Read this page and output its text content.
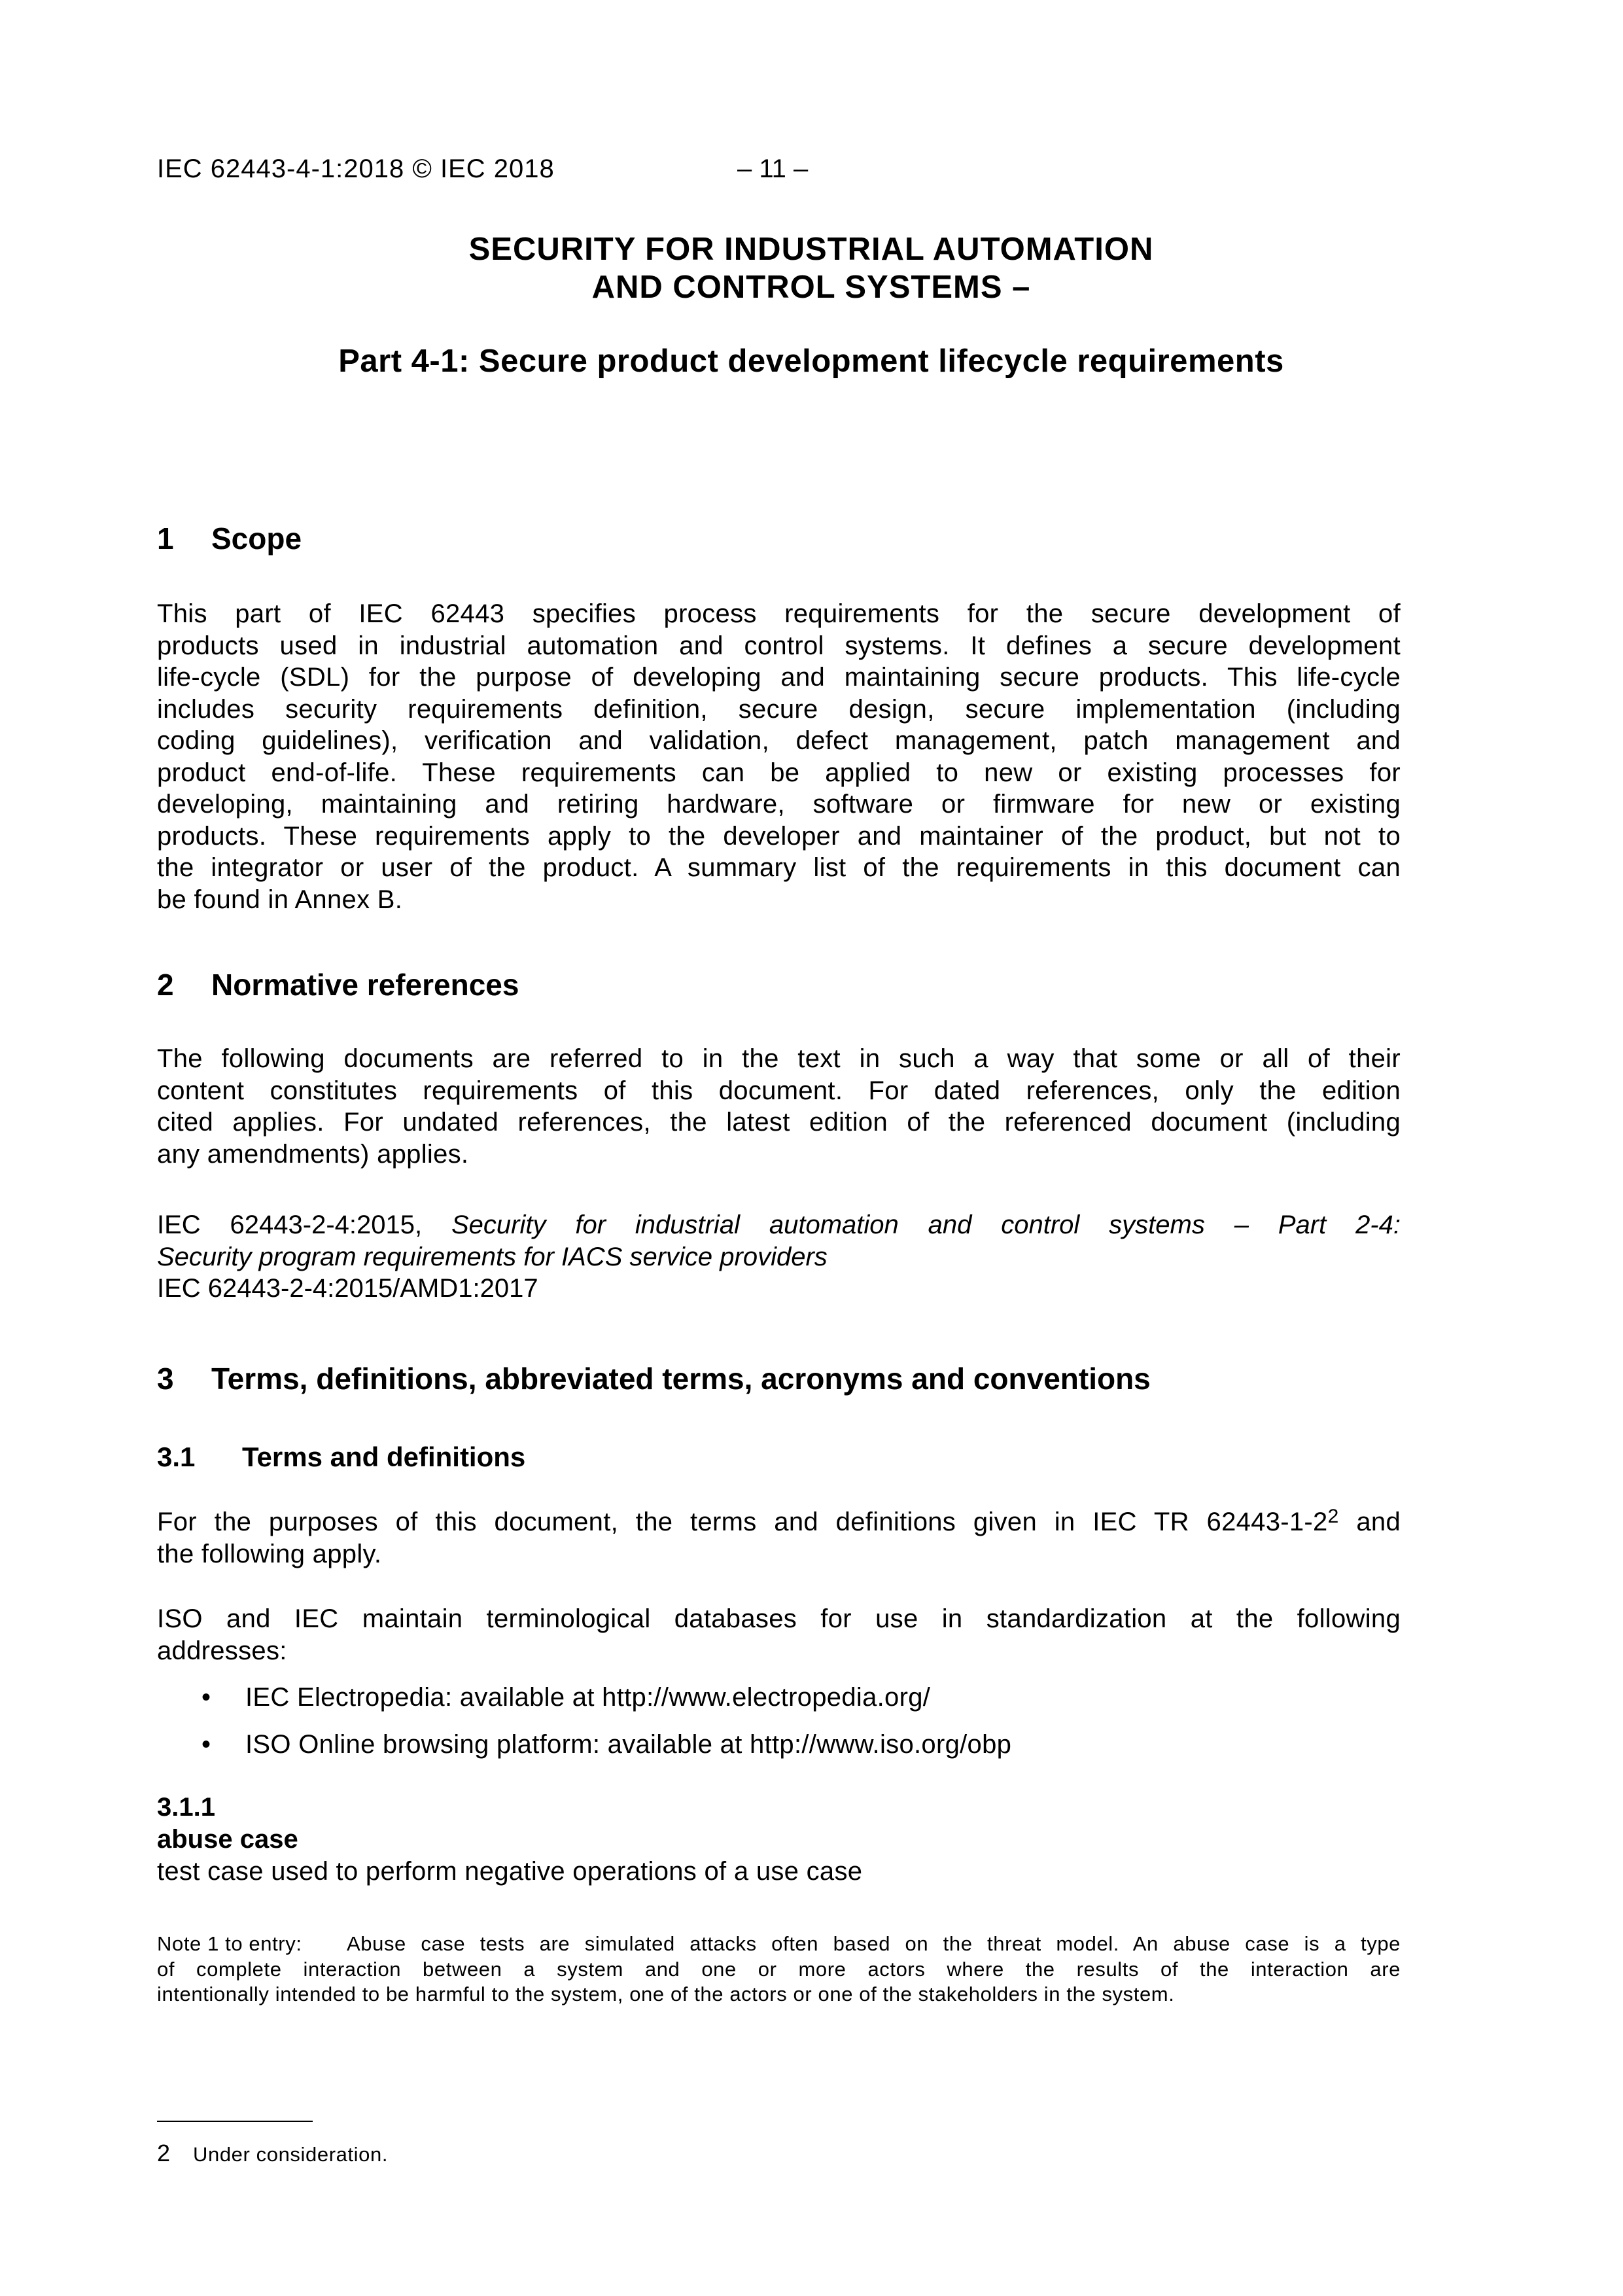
IEC 62443-4-1:2018 © IEC 2018	– 11 –
SECURITY FOR INDUSTRIAL AUTOMATION
AND CONTROL SYSTEMS –
Part 4-1: Secure product development lifecycle requirements
1 Scope
This part of IEC 62443 specifies process requirements for the secure development of
products used in industrial automation and control systems. It defines a secure development
life-cycle (SDL) for the purpose of developing and maintaining secure products. This life-cycle
includes security requirements definition, secure design, secure implementation (including
coding guidelines), verification and validation, defect management, patch management and
product end-of-life. These requirements can be applied to new or existing processes for
developing, maintaining and retiring hardware, software or firmware for new or existing
products. These requirements apply to the developer and maintainer of the product, but not to
the integrator or user of the product. A summary list of the requirements in this document can
be found in Annex B.
2 Normative references
The following documents are referred to in the text in such a way that some or all of their
content constitutes requirements of this document. For dated references, only the edition
cited applies. For undated references, the latest edition of the referenced document (including
any amendments) applies.
IEC 62443-2-4:2015, Security for industrial automation and control systems – Part 2-4:
Security program requirements for IACS service providers
IEC 62443-2-4:2015/AMD1:2017
3 Terms, definitions, abbreviated terms, acronyms and conventions
3.1 Terms and definitions
For the purposes of this document, the terms and definitions given in IEC TR $62443-1-2^2$ and
the following apply.
ISO and IEC maintain terminological databases for use in standardization at the following
addresses:
• IEC Electropedia: available at http://www.electropedia.org/
• ISO Online browsing platform: available at http://www.iso.org/obp
3.1.1
abuse case
test case used to perform negative operations of a use case
Note 1 to entry: Abuse case tests are simulated attacks often based on the threat model. An abuse case is a type
of complete interaction between a system and one or more actors where the results of the interaction are
intentionally intended to be harmful to the system, one of the actors or one of the stakeholders in the system.
2 Under consideration.
